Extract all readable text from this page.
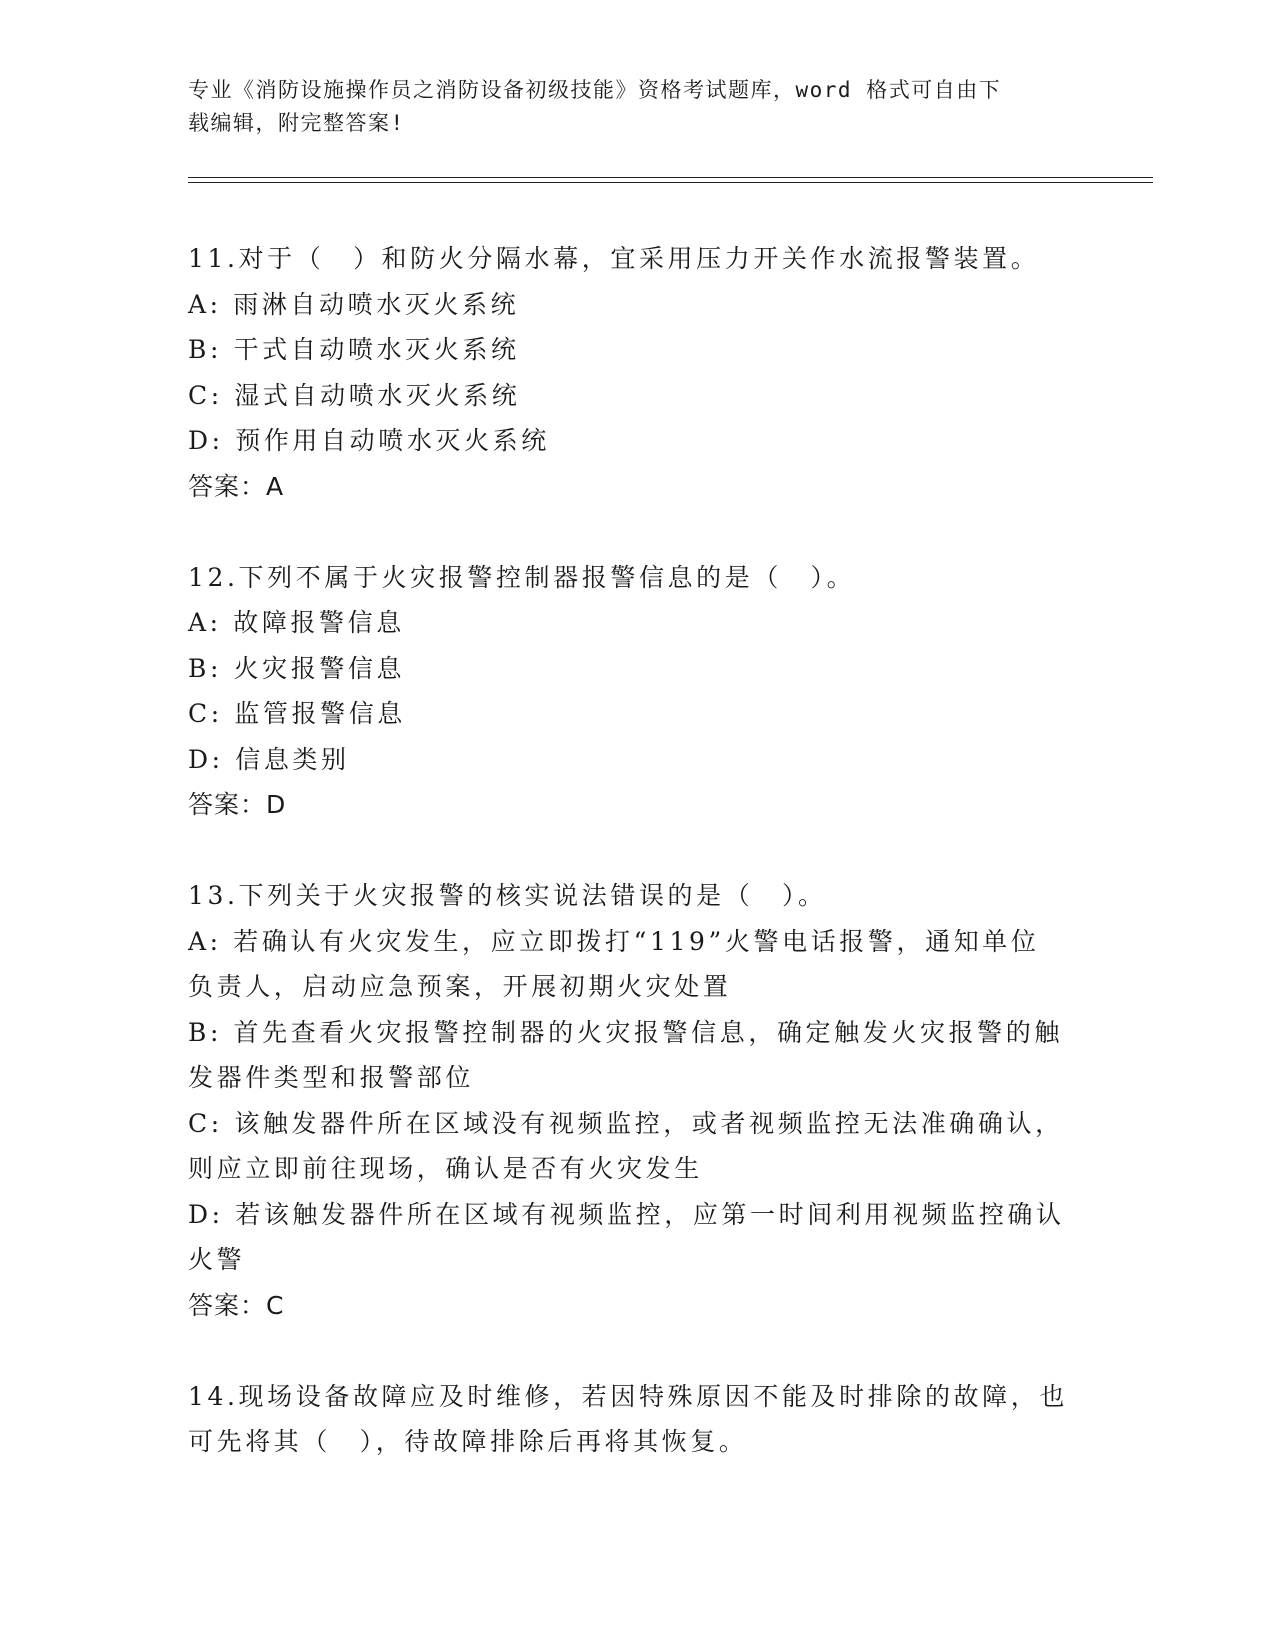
专业《消防设施操作员之消防设备初级技能》资格考试题库，word 格式可自由下
载编辑，附完整答案!
11.对于（　）和防火分隔水幕，宜采用压力开关作水流报警装置。
A: 雨淋自动喷水灭火系统
B: 干式自动喷水灭火系统
C: 湿式自动喷水灭火系统
D: 预作用自动喷水灭火系统
答案：A
12.下列不属于火灾报警控制器报警信息的是（　）。
A: 故障报警信息
B: 火灾报警信息
C: 监管报警信息
D: 信息类别
答案：D
13.下列关于火灾报警的核实说法错误的是（　）。
A: 若确认有火灾发生，应立即拨打“119”火警电话报警，通知单位
负责人，启动应急预案，开展初期火灾处置
B: 首先查看火灾报警控制器的火灾报警信息，确定触发火灾报警的触
发器件类型和报警部位
C: 该触发器件所在区域没有视频监控，或者视频监控无法准确确认，
则应立即前往现场，确认是否有火灾发生
D: 若该触发器件所在区域有视频监控，应第一时间利用视频监控确认
火警
答案：C
14.现场设备故障应及时维修，若因特殊原因不能及时排除的故障，也
可先将其（　），待故障排除后再将其恢复。
